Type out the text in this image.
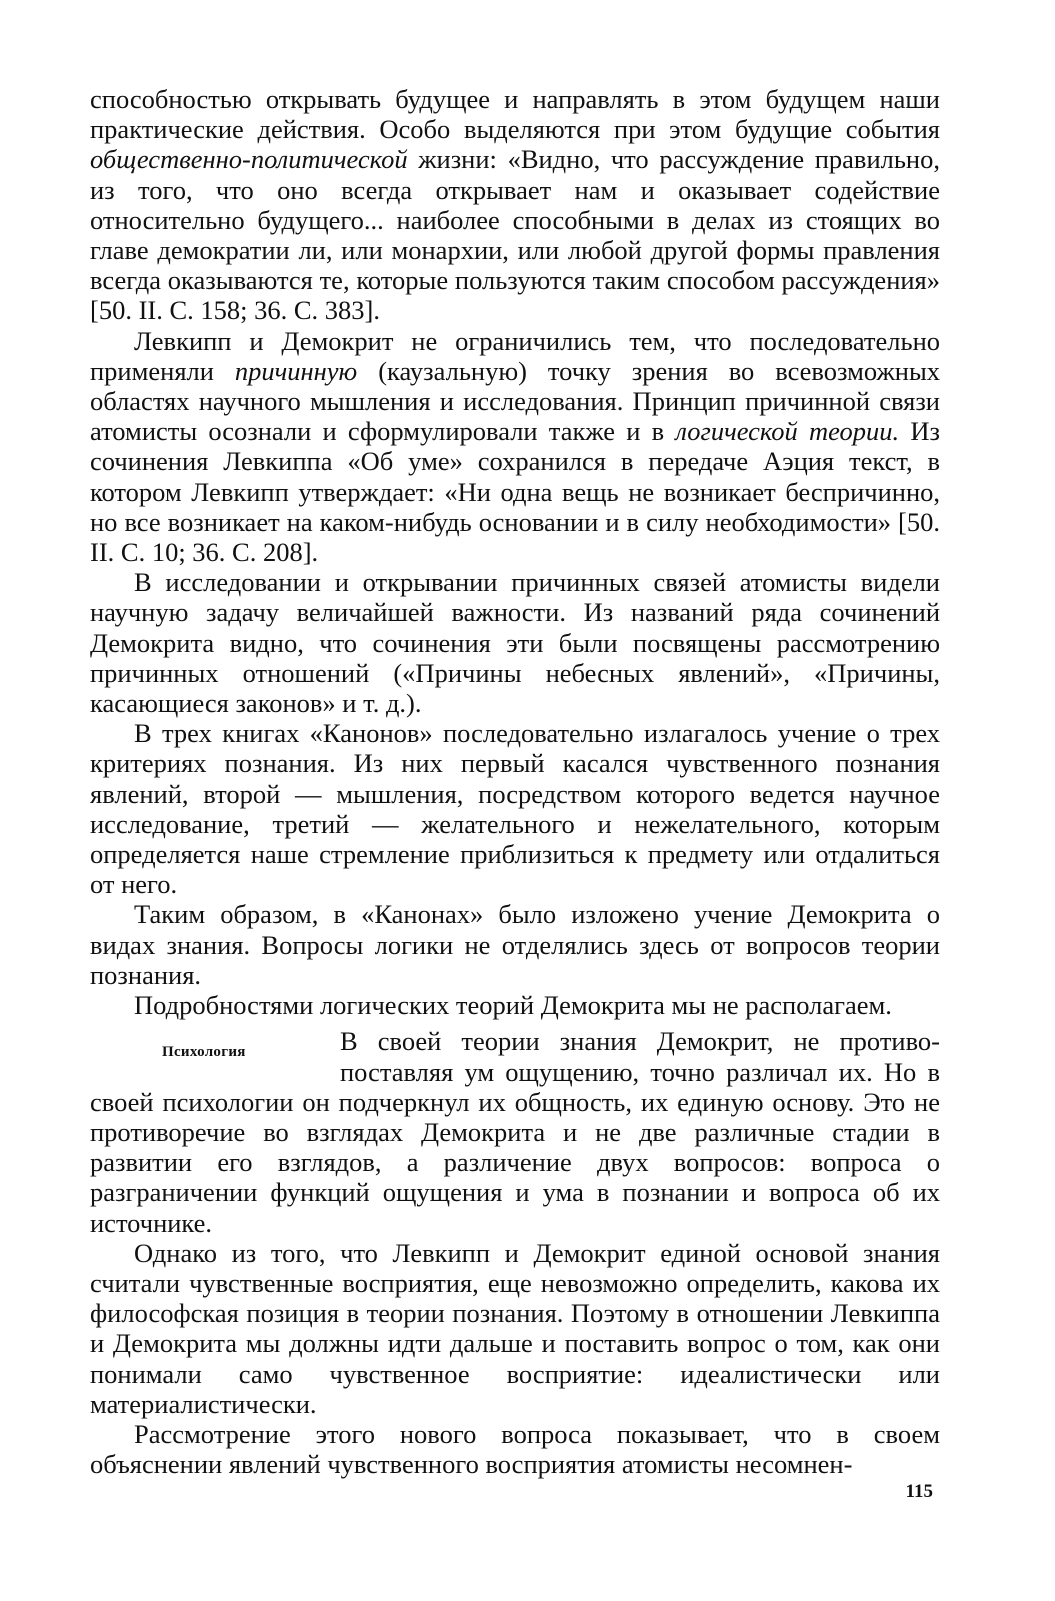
способностью открывать будущее и направлять в этом будущем наши практические действия. Особо выделяются при этом будущие события общественно-политической жизни: «Видно, что рассуждение правильно, из того, что оно всегда открывает нам и оказывает содействие относительно будущего... наиболее способными в делах из стоящих во главе демократии ли, или монархии, или любой другой формы правления всегда оказываются те, которые пользуются таким способом рассуждения» [50. II. С. 158; 36. С. 383].

Левкипп и Демокрит не ограничились тем, что последовательно применяли причинную (каузальную) точку зрения во всевозможных областях научного мышления и исследования. Принцип причинной связи атомисты осознали и сформулировали также и в логической теории. Из сочинения Левкиппа «Об уме» сохранился в передаче Аэция текст, в котором Левкипп утверждает: «Ни одна вещь не возникает беспричинно, но все возникает на каком-нибудь основании и в силу необходимости» [50. II. С. 10; 36. С. 208].

В исследовании и открывании причинных связей атомисты видели научную задачу величайшей важности. Из названий ряда сочинений Демокрита видно, что сочинения эти были посвящены рассмотрению причинных отношений («Причины небесных явлений», «Причины, касающиеся законов» и т. д.).

В трех книгах «Канонов» последовательно излагалось учение о трех критериях познания. Из них первый касался чувственного познания явлений, второй — мышления, посредством которого ведется научное исследование, третий — желательного и нежелательного, которым определяется наше стремление приблизиться к предмету или отдалиться от него.

Таким образом, в «Канонах» было изложено учение Демокрита о видах знания. Вопросы логики не отделялись здесь от вопросов теории познания.

Подробностями логических теорий Демокрита мы не располагаем.

Психология	В своей теории знания Демокрит, не противопоставляя ум ощущению, точно различал их. Но в своей психологии он подчеркнул их общность, их единую основу. Это не противоречие во взглядах Демокрита и не две различные стадии в развитии его взглядов, а различение двух вопросов: вопроса о разграничении функций ощущения и ума в познании и вопроса об их источнике.

Однако из того, что Левкипп и Демокрит единой основой знания считали чувственные восприятия, еще невозможно определить, какова их философская позиция в теории познания. Поэтому в отношении Левкиппа и Демокрита мы должны идти дальше и поставить вопрос о том, как они понимали само чувственное восприятие: идеалистически или материалистически.

Рассмотрение этого нового вопроса показывает, что в своем объяснении явлений чувственного восприятия атомисты несомнен-

115
